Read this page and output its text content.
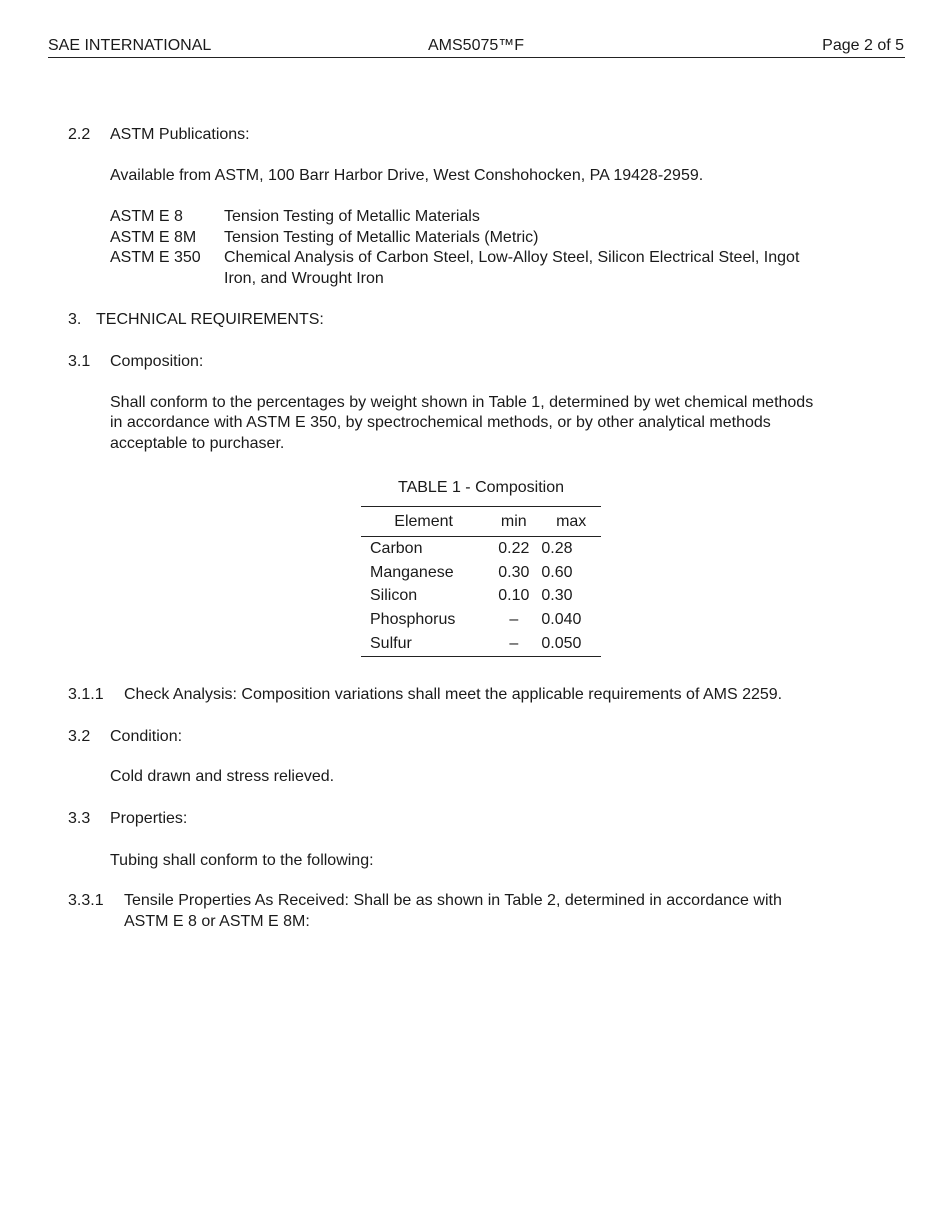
SAE INTERNATIONAL	AMS5075™F	Page 2 of 5
2.2 ASTM Publications:
Available from ASTM, 100 Barr Harbor Drive, West Conshohocken, PA 19428-2959.
ASTM E 8	Tension Testing of Metallic Materials
ASTM E 8M Tension Testing of Metallic Materials (Metric)
ASTM E 350 Chemical Analysis of Carbon Steel, Low-Alloy Steel, Silicon Electrical Steel, Ingot
Iron, and Wrought Iron
3. TECHNICAL REQUIREMENTS:
3.1 Composition:
Shall conform to the percentages by weight shown in Table 1, determined by wet chemical methods
in accordance with ASTM E 350, by spectrochemical methods, or by other analytical methods
acceptable to purchaser.
TABLE 1 - Composition
Element	min	max
Carbon	0.22	0.28
Manganese	0.30	0.60
Silicon	0.10	0.30
Phosphorus	–	0.040
Sulfur	–	0.050
3.1.1 Check Analysis: Composition variations shall meet the applicable requirements of AMS 2259.
3.2 Condition:
Cold drawn and stress relieved.
3.3 Properties:
Tubing shall conform to the following:
3.3.1 Tensile Properties As Received: Shall be as shown in Table 2, determined in accordance with
ASTM E 8 or ASTM E 8M:
